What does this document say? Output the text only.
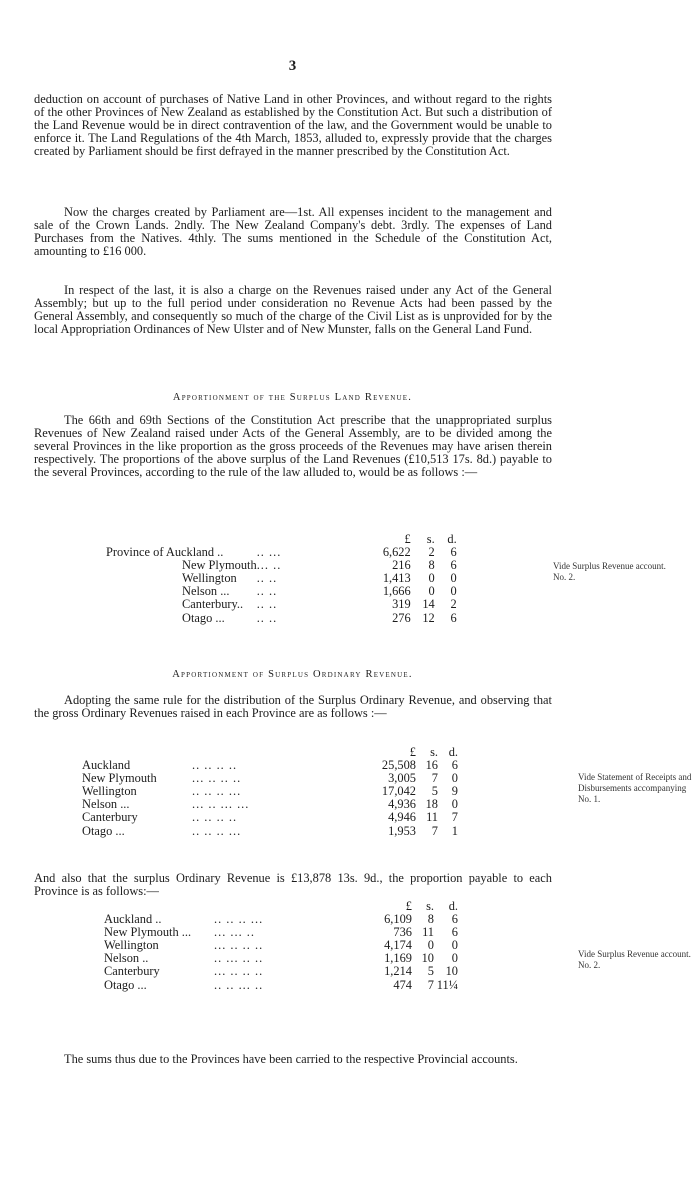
3

deduction on account of purchases of Native Land in other Provinces, and without regard to the rights of the other Provinces of New Zealand as established by the Constitution Act. But such a distribution of the Land Revenue would be in direct contravention of the law, and the Government would be unable to enforce it. The Land Regulations of the 4th March, 1853, alluded to, expressly provide that the charges created by Parliament should be first defrayed in the manner prescribed by the Constitution Act.

Now the charges created by Parliament are—1st. All expenses incident to the management and sale of the Crown Lands. 2ndly. The New Zealand Company's debt. 3rdly. The expenses of Land Purchases from the Natives. 4thly. The sums mentioned in the Schedule of the Constitution Act, amounting to £16 000.

In respect of the last, it is also a charge on the Revenues raised under any Act of the General Assembly; but up to the full period under consideration no Revenue Acts had been passed by the General Assembly, and consequently so much of the charge of the Civil List as is unprovided for by the local Appropriation Ordinances of New Ulster and of New Munster, falls on the General Land Fund.

Apportionment of the Surplus Land Revenue.

The 66th and 69th Sections of the Constitution Act prescribe that the unappropriated surplus Revenues of New Zealand raised under Acts of the General Assembly, are to be divided among the several Provinces in the like proportion as the gross proceeds of the Revenues may have arisen therein respectively. The proportions of the above surplus of the Land Revenues (£10,513 17s. 8d.) payable to the several Provinces, according to the rule of the law alluded to, would be as follows :—

		£	s.	d.
Province of Auckland ..	.. ...	6,622	2	6
New Plymouth	... ..	216	8	6
Wellington	.. ..	1,413	0	0
Nelson ...	.. ..	1,666	0	0
Canterbury..	.. ..	319	14	2
Otago ...	.. ..	276	12	6
Vide Surplus Revenue account. No. 2.
Apportionment of Surplus Ordinary Revenue.

Adopting the same rule for the distribution of the Surplus Ordinary Revenue, and observing that the gross Ordinary Revenues raised in each Province are as follows :—

		£	s.	d.
Auckland	.. .. .. ..	25,508	16	6
New Plymouth	... .. .. ..	3,005	7	0
Wellington	.. .. .. ...	17,042	5	9
Nelson ...	... .. ... ...	4,936	18	0
Canterbury	.. .. .. ..	4,946	11	7
Otago ...	.. .. .. ...	1,953	7	1
Vide Statement of Receipts and Disbursements accompanying No. 1.

And also that the surplus Ordinary Revenue is £13,878 13s. 9d., the proportion payable to each Province is as follows:—

		£	s.	d.
Auckland ..	.. .. .. ...	6,109	8	6
New Plymouth ...	... ... ..	736	11	6
Wellington	... .. .. ..	4,174	0	0
Nelson ..	.. ... .. ..	1,169	10	0
Canterbury	... .. .. ..	1,214	5	10
Otago ...	.. .. ... ..	474	7	11¼
Vide Surplus Revenue account. No. 2.

The sums thus due to the Provinces have been carried to the respective Provincial accounts.
